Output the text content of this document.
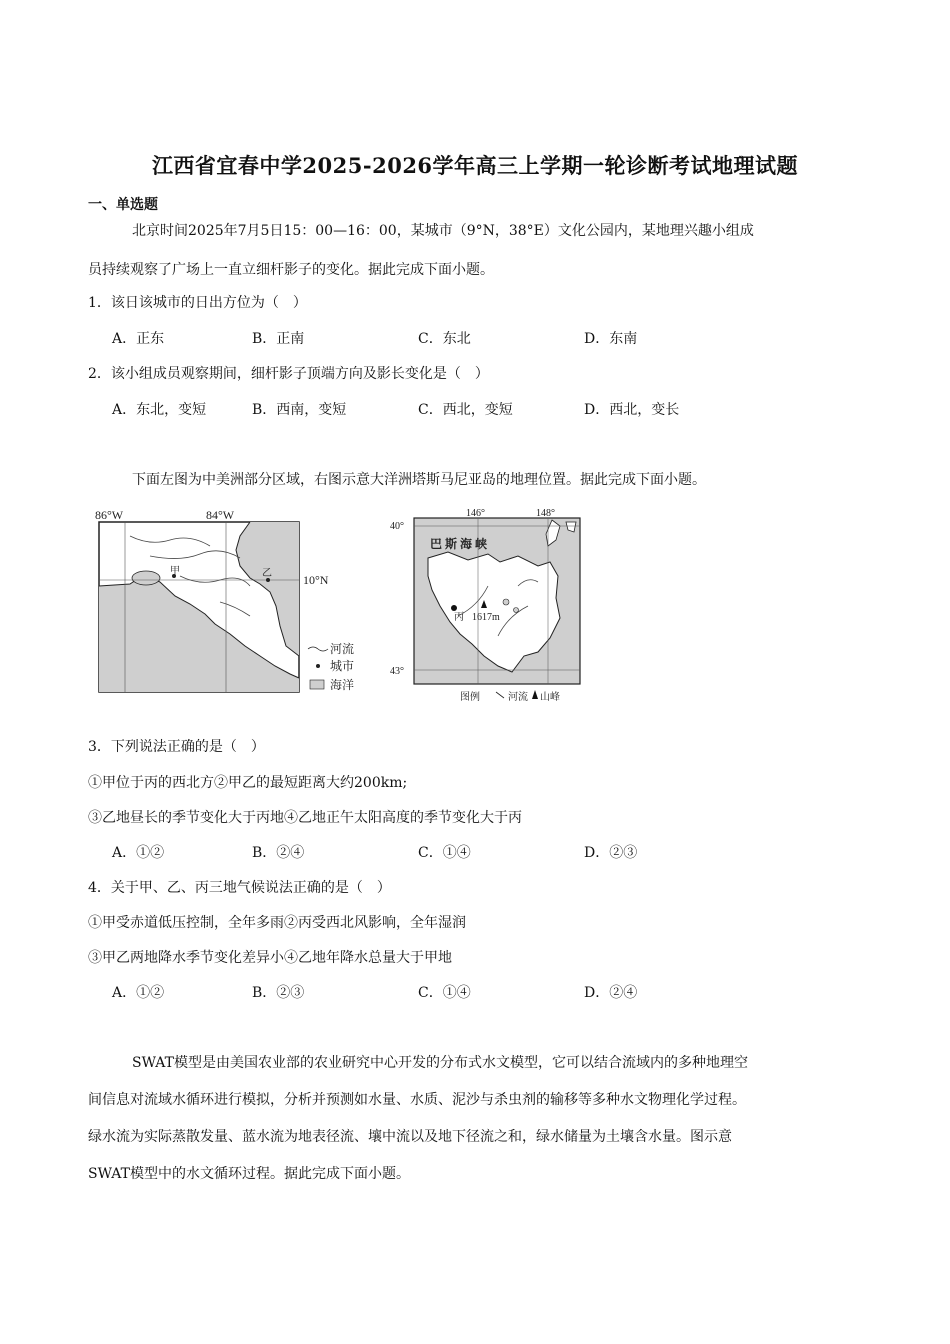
江西省宜春中学2025-2026学年高三上学期一轮诊断考试地理试题
一、单选题
北京时间2025年7月5日15：00—16：00，某城市（9°N，38°E）文化公园内，某地理兴趣小组成
员持续观察了广场上一直立细杆影子的变化。据此完成下面小题。
1．该日该城市的日出方位为（　）
A．正东	B．正南	C．东北	D．东南
2．该小组成员观察期间，细杆影子顶端方向及影长变化是（　）
A．东北，变短	B．西南，变短	C．西北，变短	D．西北，变长
下面左图为中美洲部分区域，右图示意大洋洲塔斯马尼亚岛的地理位置。据此完成下面小题。
甲	乙
86°W	84°W
10°N
河流
城市
海洋
丙 1617m
146°	148°
40°
43°
巴 斯 海 峡
图例	河流 山峰
3．下列说法正确的是（　）
①甲位于丙的西北方②甲乙的最短距离大约200km;
③乙地昼长的季节变化大于丙地④乙地正午太阳高度的季节变化大于丙
A．①②	B．②④	C．①④	D．②③
4．关于甲、乙、丙三地气候说法正确的是（　）
①甲受赤道低压控制，全年多雨②丙受西北风影响，全年湿润
③甲乙两地降水季节变化差异小④乙地年降水总量大于甲地
A．①②	B．②③	C．①④	D．②④
SWAT模型是由美国农业部的农业研究中心开发的分布式水文模型，它可以结合流域内的多种地理空
间信息对流域水循环进行模拟，分析并预测如水量、水质、泥沙与杀虫剂的输移等多种水文物理化学过程。
绿水流为实际蒸散发量、蓝水流为地表径流、壤中流以及地下径流之和，绿水储量为土壤含水量。图示意
SWAT模型中的水文循环过程。据此完成下面小题。
